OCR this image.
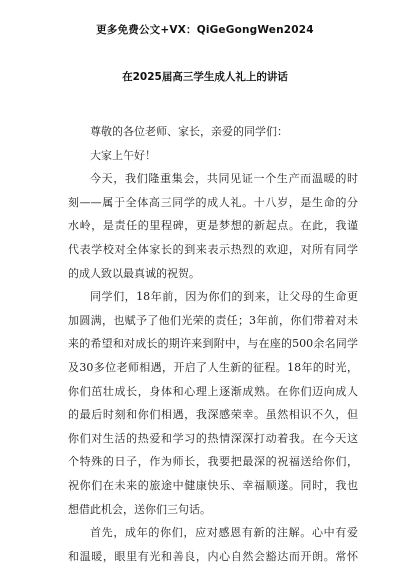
更多免费公文+VX：QiGeGongWen2024
在2025届高三学生成人礼上的讲话
尊敬的各位老师、家长，亲爱的同学们：
大家上午好！
今天，我们隆重集会，共同见证一个生产而温暖的时
刻——属于全体高三同学的成人礼。十八岁，是生命的分
水岭，是责任的里程碑，更是梦想的新起点。在此，我谨
代表学校对全体家长的到来表示热烈的欢迎，对所有同学
的成人致以最真诚的祝贺。
同学们，18年前，因为你们的到来，让父母的生命更
加圆满，也赋予了他们光荣的责任；3年前，你们带着对未
来的希望和对成长的期许来到附中，与在座的500余名同学
及30多位老师相遇，开启了人生新的征程。18年的时光，
你们茁壮成长，身体和心理上逐渐成熟。在你们迈向成人
的最后时刻和你们相遇，我深感荣幸。虽然相识不久，但
你们对生活的热爱和学习的热情深深打动着我。在今天这
个特殊的日子，作为师长，我要把最深的祝福送给你们，
祝你们在未来的旅途中健康快乐、幸福顺遂。同时，我也
想借此机会，送你们三句话。
首先，成年的你们，应对感恩有新的注解。心中有爱
和温暖，眼里有光和善良，内心自然会豁达而开朗。常怀
